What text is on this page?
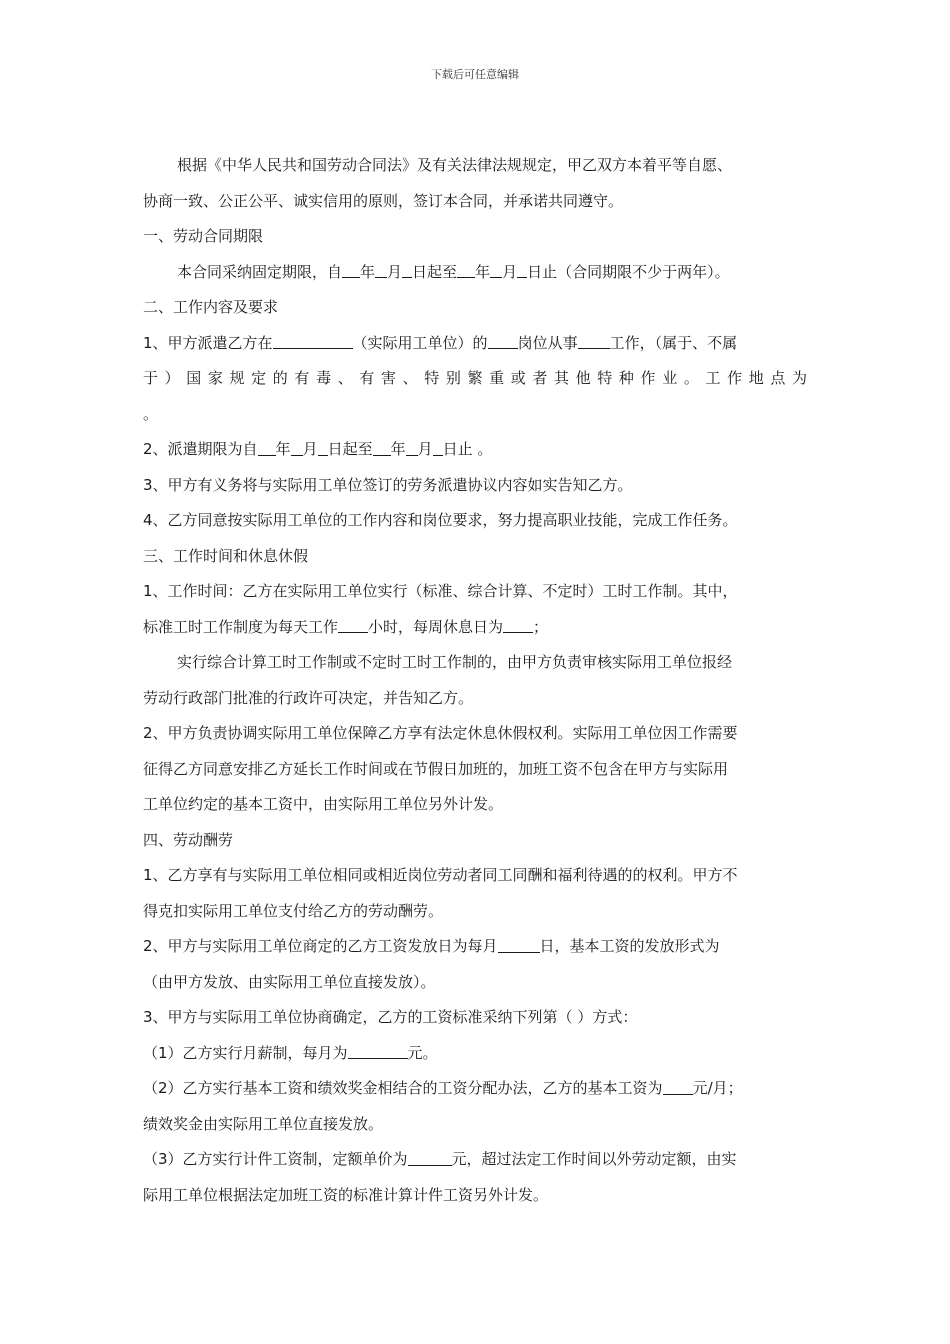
下载后可任意编辑

根据《中华人民共和国劳动合同法》及有关法律法规规定，甲乙双方本着平等自愿、

协商一致、公正公平、诚实信用的原则，签订本合同，并承诺共同遵守。

一、劳动合同期限

本合同采纳固定期限，自 年 月 日起至 年 月 日止（合同期限不少于两年）。

二、工作内容及要求

1、甲方派遣乙方在	（实际用工单位）的 岗位从事 工作，（属于、不属

于）国家规定的有毒、有害、特别繁重或者其他特种作业。工作地点为

。

2、派遣期限为自 年 月 日起至 年 月 日止 。

3、甲方有义务将与实际用工单位签订的劳务派遣协议内容如实告知乙方。

4、乙方同意按实际用工单位的工作内容和岗位要求，努力提高职业技能，完成工作任务。

三、工作时间和休息休假

1、工作时间：乙方在实际用工单位实行（标准、综合计算、不定时）工时工作制。其中，

标准工时工作制度为每天工作 小时，每周休息日为 ；

实行综合计算工时工作制或不定时工时工作制的，由甲方负责审核实际用工单位报经

劳动行政部门批准的行政许可决定，并告知乙方。

2、甲方负责协调实际用工单位保障乙方享有法定休息休假权利。实际用工单位因工作需要

征得乙方同意安排乙方延长工作时间或在节假日加班的，加班工资不包含在甲方与实际用

工单位约定的基本工资中，由实际用工单位另外计发。

四、劳动酬劳

1、乙方享有与实际用工单位相同或相近岗位劳动者同工同酬和福利待遇的的权利。甲方不

得克扣实际用工单位支付给乙方的劳动酬劳。

2、甲方与实际用工单位商定的乙方工资发放日为每月	日，基本工资的发放形式为

（由甲方发放、由实际用工单位直接发放）。

3、甲方与实际用工单位协商确定，乙方的工资标准采纳下列第（ ）方式：

（1）乙方实行月薪制，每月为	元。

（2）乙方实行基本工资和绩效奖金相结合的工资分配办法，乙方的基本工资为 元/月；

绩效奖金由实际用工单位直接发放。

（3）乙方实行计件工资制，定额单价为	元，超过法定工作时间以外劳动定额，由实

际用工单位根据法定加班工资的标准计算计件工资另外计发。
